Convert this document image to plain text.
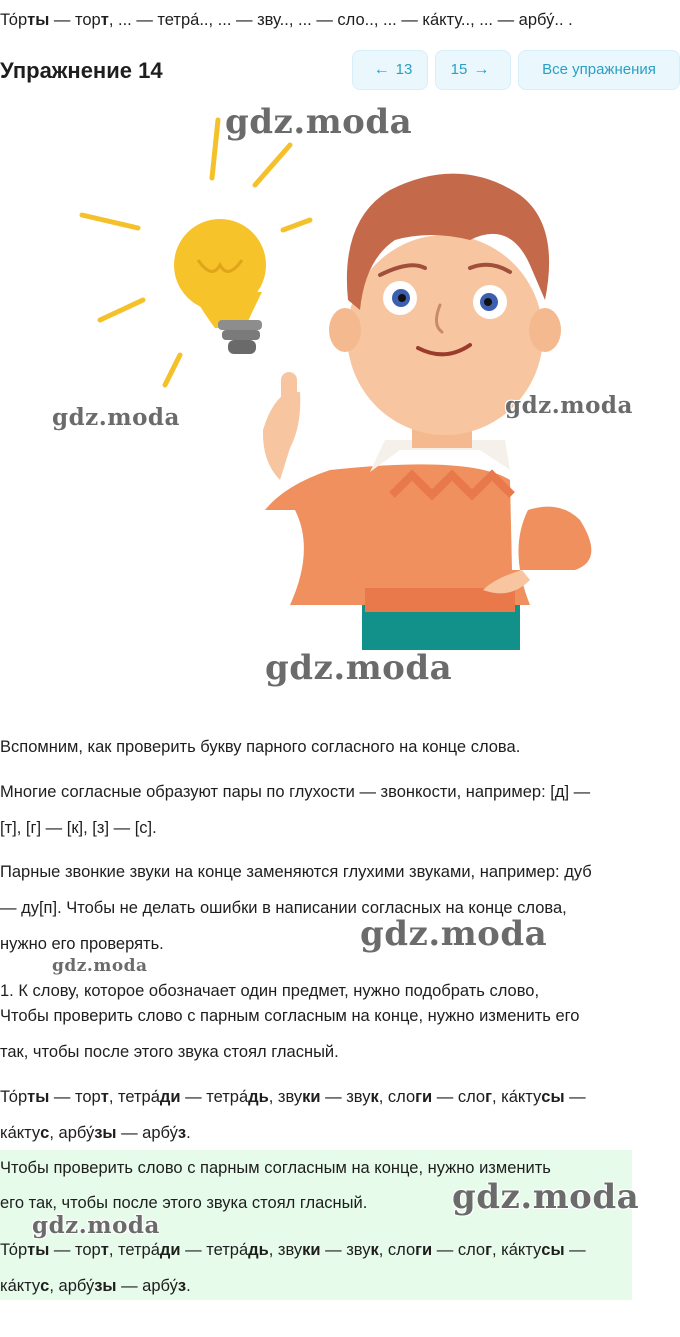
То́рты — торт, ... — тетра́.., ... — зву.., ... — сло.., ... — ка́кту.., ... — арбу́.. .
Упражнение 14	← 13	15 →	Все упражнения
gdz.moda
gdz.moda	gdz.moda
gdz.moda
Вспомним, как проверить букву парного согласного на конце слова.
Многие согласные образуют пары по глухости — звонкости, например: [д] —
[т], [г] — [к], [з] — [с].
Парные звонкие звуки на конце заменяются глухими звуками, например: дуб
— ду[п]. Чтобы не делать ошибки в написании согласных на конце слова,
нужно его проверять.	gdz.moda
gdz.moda
1. К слову, которое обозначает один предмет, нужно подобрать слово,
Чтобы проверить слово с парным согласным на конце, нужно изменить его
так, чтобы после этого звука стоял гласный.
То́рты — торт, тетра́ди — тетра́дь, звуки — звук, слоги — слог, ка́ктусы —
ка́ктус, арбу́зы — арбу́з.
Чтобы проверить слово с парным согласным на конце, нужно изменить
его так, чтобы после этого звука стоял гласный. gdz.moda
gdz.moda
То́рты — торт, тетра́ди — тетра́дь, звуки — звук, слоги — слог, ка́ктусы —
ка́ктус, арбу́зы — арбу́з.
